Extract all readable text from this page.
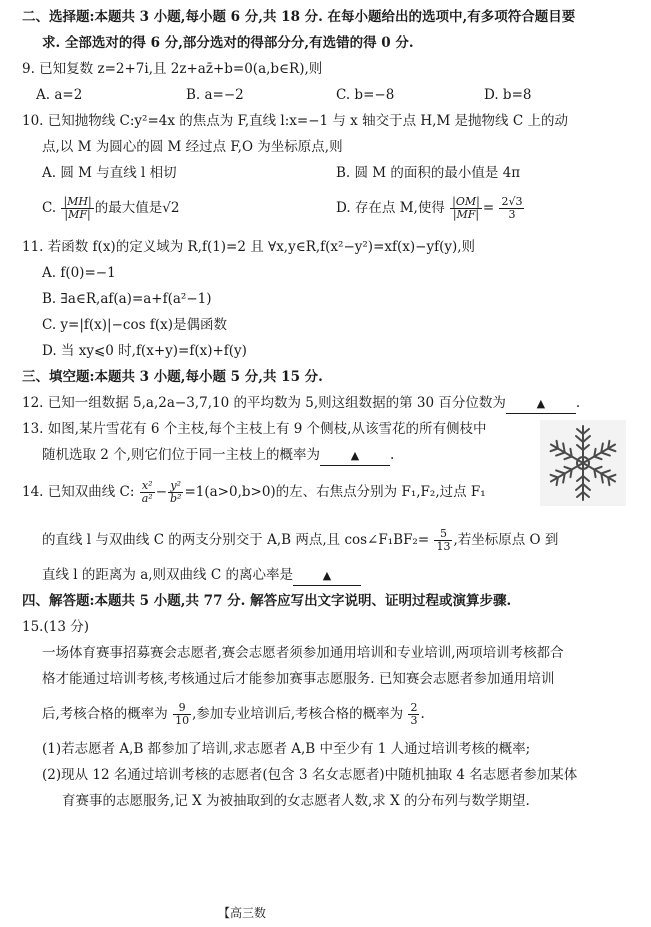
二、选择题:本题共 3 小题,每小题 6 分,共 18 分. 在每小题给出的选项中,有多项符合题目要
求. 全部选对的得 6 分,部分选对的得部分分,有选错的得 0 分.
9. 已知复数 z=2+7i,且 2z+az̄+b=0(a,b∈R),则
A. a=2	B. a=−2	C. b=−8	D. b=8
10. 已知抛物线 C:y²=4x 的焦点为 F,直线 l:x=−1 与 x 轴交于点 H,M 是抛物线 C 上的动
点,以 M 为圆心的圆 M 经过点 F,O 为坐标原点,则
A. 圆 M 与直线 l 相切	B. 圆 M 的面积的最小值是 4π
C. $\frac{|MH|}{|MF|}$ 的最大值是√2	D. 存在点 M,使得 $\frac{|OM|}{|MF|} = \frac{2√3}{3}$
11. 若函数 f(x)的定义域为 R,f(1)=2 且 ∀x,y∈R,f(x²−y²)=xf(x)−yf(y),则
A. f(0)=−1
B. ∃a∈R,af(a)=a+f(a²−1)
C. y=|f(x)|−cos f(x)是偶函数
D. 当 xy⩽0 时,f(x+y)=f(x)+f(y)
三、填空题:本题共 3 小题,每小题 5 分,共 15 分.
12. 已知一组数据 5,a,2a−3,7,10 的平均数为 5,则这组数据的第 30 百分位数为	▲ .
13. 如图,某片雪花有 6 个主枝,每个主枝上有 9 个侧枝,从该雪花的所有侧枝中
随机选取 2 个,则它们位于同一主枝上的概率为	▲ .
14. 已知双曲线 C: $\frac{\text{x²}}{\text{a²}} - \frac{\text{y²}}{\text{b²}} =1(a>0,b>0)$的左、右焦点分别为 F₁,F₂,过点 F₁
的直线 l 与双曲线 C 的两支分别交于 A,B 两点,且 cos∠F₁BF₂= $\frac{5}{13}$ ,若坐标原点 O 到
直线 l 的距离为 a,则双曲线 C 的离心率是	▲
四、解答题:本题共 5 小题,共 77 分. 解答应写出文字说明、证明过程或演算步骤.
15.(13 分)
一场体育赛事招募赛会志愿者,赛会志愿者须参加通用培训和专业培训,两项培训考核都合
格才能通过培训考核,考核通过后才能参加赛事志愿服务. 已知赛会志愿者参加通用培训
后,考核合格的概率为 $\frac{9}{10}$ ,参加专业培训后,考核合格的概率为 $\frac{2}{3}$ .
(1)若志愿者 A,B 都参加了培训,求志愿者 A,B 中至少有 1 人通过培训考核的概率;
(2)现从 12 名通过培训考核的志愿者(包含 3 名女志愿者)中随机抽取 4 名志愿者参加某体
育赛事的志愿服务,记 X 为被抽取到的女志愿者人数,求 X 的分布列与数学期望.
【高三数
